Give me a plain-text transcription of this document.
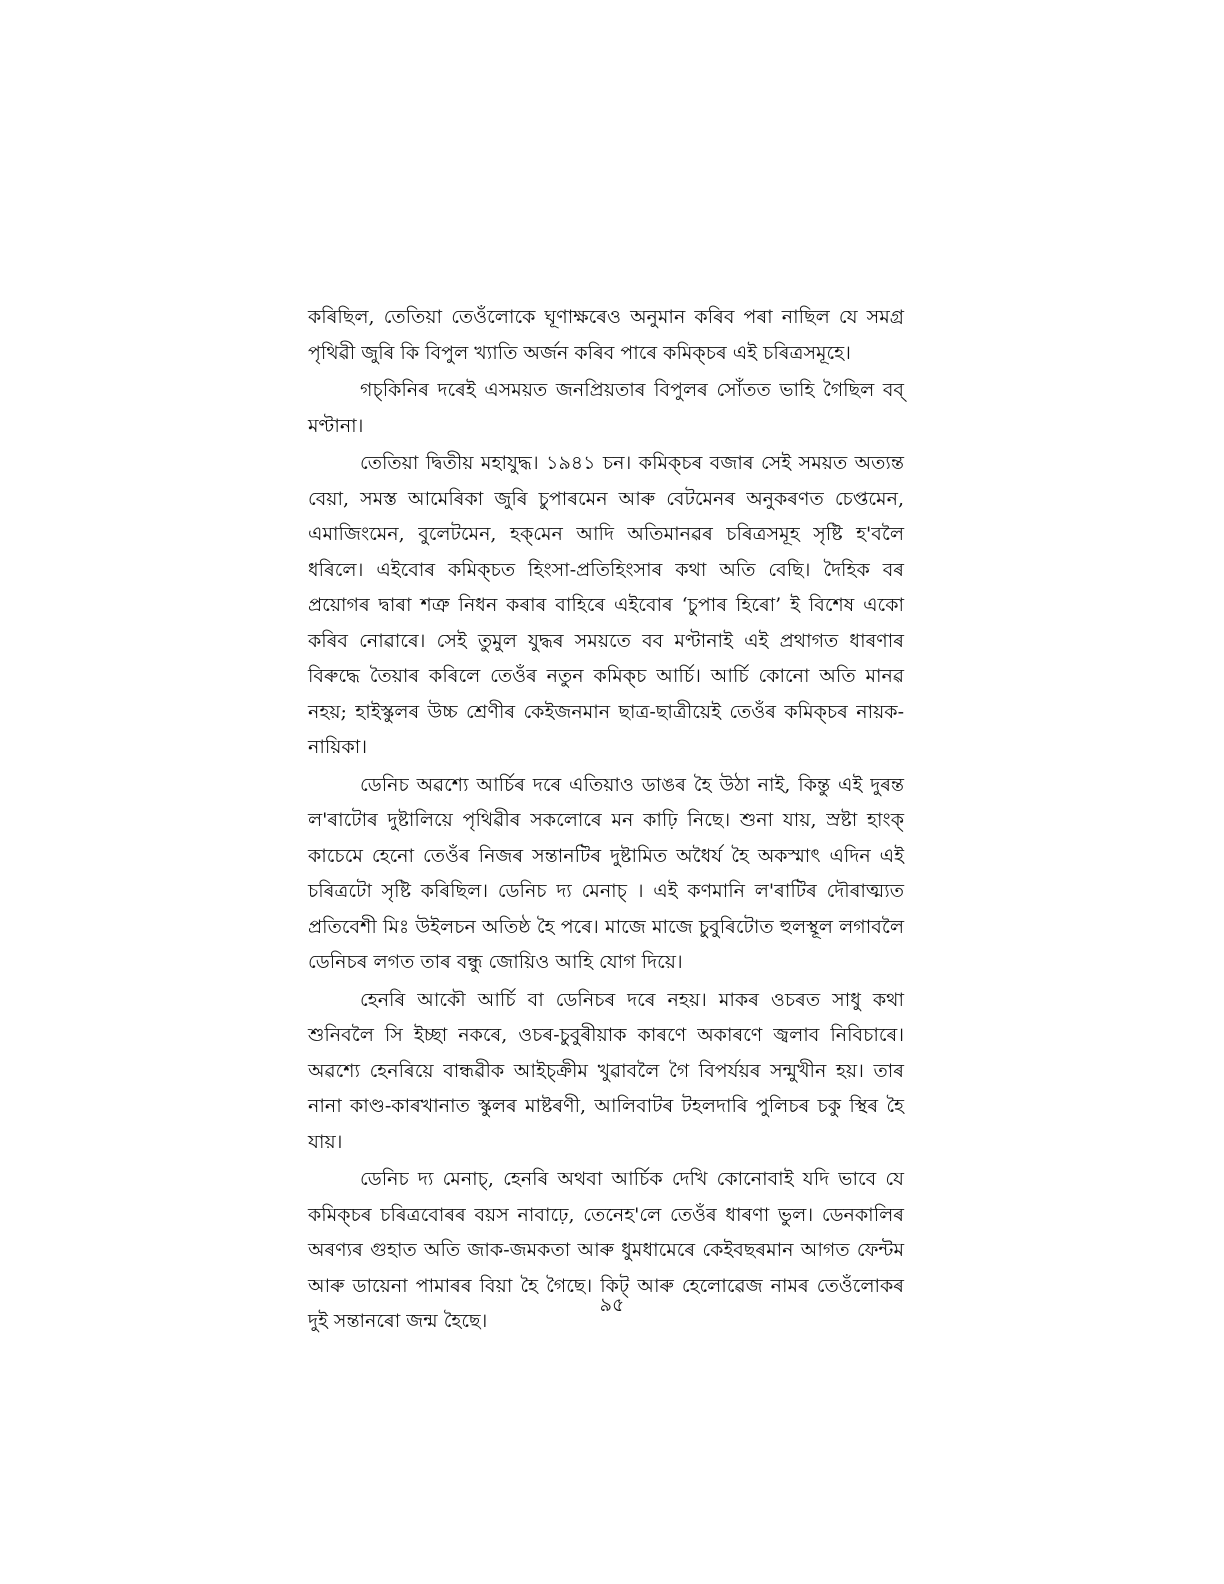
কৰিছিল, তেতিয়া তেওঁলোকে ঘূণাক্ষৰেও অনুমান কৰিব পৰা নাছিল যে সমগ্ৰ পৃথিৱী জুৰি কি বিপুল খ্যাতি অৰ্জন কৰিব পাৰে কমিক্চৰ এই চৰিত্ৰসমূহে।

গচ্‌কিনিৰ দৰেই এসময়ত জনপ্ৰিয়তাৰ বিপুলৰ সোঁতত ভাহি গৈছিল বব্ মণ্টানা।

তেতিয়া দ্বিতীয় মহাযুদ্ধ। ১৯৪১ চন। কমিক্চৰ বজাৰ সেই সময়ত অত্যন্ত বেয়া, সমস্ত আমেৰিকা জুৰি চুপাৰমেন আৰু বেটমেনৰ অনুকৰণত চেপ্তমেন, এমাজিংমেন, বুলেটমেন, হক্‌মেন আদি অতিমানৱৰ চৰিত্ৰসমূহ সৃষ্টি হ'বলৈ ধৰিলে। এইবোৰ কমিক্চত হিংসা-প্ৰতিহিংসাৰ কথা অতি বেছি। দৈহিক বৰ প্ৰয়োগৰ দ্বাৰা শত্ৰু নিধন কৰাৰ বাহিৰে এইবোৰ ‘চুপাৰ হিৰো’ ই বিশেষ একো কৰিব নোৱাৰে। সেই তুমুল যুদ্ধৰ সময়তে বব মণ্টানাই এই প্ৰথাগত ধাৰণাৰ বিৰুদ্ধে তৈয়াৰ কৰিলে তেওঁৰ নতুন কমিক্চ আৰ্চি। আৰ্চি কোনো অতি মানৱ নহয়; হাইস্কুলৰ উচ্চ শ্ৰেণীৰ কেইজনমান ছাত্ৰ-ছাত্ৰীয়েই তেওঁৰ কমিক্চৰ নায়ক-নায়িকা।

ডেনিচ অৱশ্যে আৰ্চিৰ দৰে এতিয়াও ডাঙৰ হৈ উঠা নাই, কিন্তু এই দুৰন্ত ল'ৰাটোৰ দুষ্টালিয়ে পৃথিৱীৰ সকলোৰে মন কাঢ়ি নিছে। শুনা যায়, স্ৰষ্টা হাংক্ কাচেমে হেনো তেওঁৰ নিজৰ সন্তানটিৰ দুষ্টামিত অধৈৰ্য হৈ অকস্মাৎ এদিন এই চৰিত্ৰটো সৃষ্টি কৰিছিল। ডেনিচ দ্য মেনাচ্ । এই কণমানি ল'ৰাটিৰ দৌৰাত্ম্যত প্ৰতিবেশী মিঃ উইলচন অতিষ্ঠ হৈ পৰে। মাজে মাজে চুবুৰিটোত হুলস্থূল লগাবলৈ ডেনিচৰ লগত তাৰ বন্ধু জোয়িও আহি যোগ দিয়ে।

হেনৰি আকৌ আৰ্চি বা ডেনিচৰ দৰে নহয়। মাকৰ ওচৰত সাধু কথা শুনিবলৈ সি ইচ্ছা নকৰে, ওচৰ-চুবুৰীয়াক কাৰণে অকাৰণে জ্বলাব নিবিচাৰে। অৱশ্যে হেনৰিয়ে বান্ধৱীক আইচ্‌ক্ৰীম খুৱাবলৈ গৈ বিপৰ্যয়ৰ সন্মুখীন হয়। তাৰ নানা কাণ্ড-কাৰখানাত স্কুলৰ মাষ্টৰণী, আলিবাটৰ টহলদাৰি পুলিচৰ চকু স্থিৰ হৈ যায়।

ডেনিচ দ্য মেনাচ্, হেনৰি অথবা আৰ্চিক দেখি কোনোবাই যদি ভাবে যে কমিক্চৰ চৰিত্ৰবোৰৰ বয়স নাবাঢ়ে, তেনেহ'লে তেওঁৰ ধাৰণা ভুল। ডেনকালিৰ অৰণ্যৰ গুহাত অতি জাক-জমকতা আৰু ধুমধামেৰে কেইবছৰমান আগত ফেন্টম আৰু ডায়েনা পামাৰৰ বিয়া হৈ গৈছে। কিট্ আৰু হেলোৱেজ নামৰ তেওঁলোকৰ দুই সন্তানৰো জন্ম হৈছে।

৯৫
